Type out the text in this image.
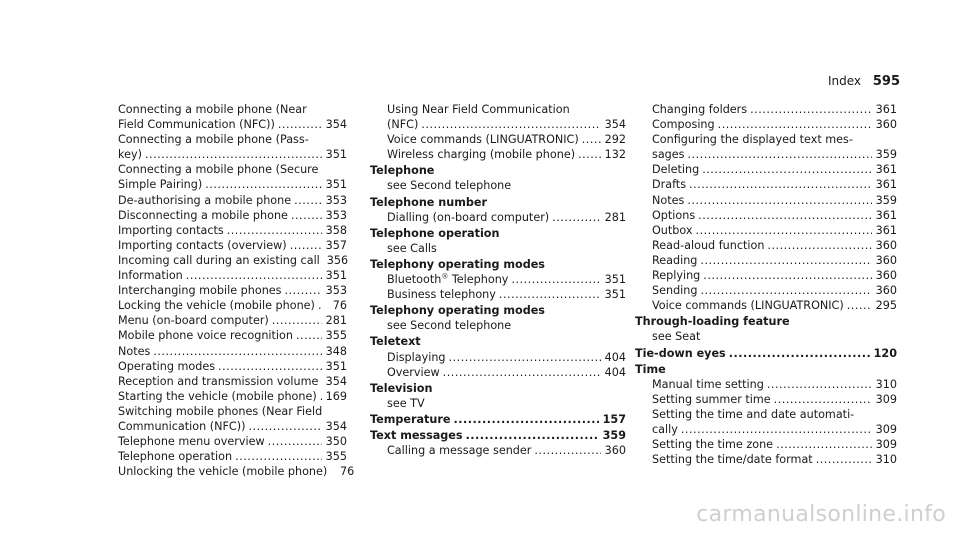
Index 595
Connecting a mobile phone (Near
Field Communication (NFC)) .....	354
Connecting a mobile phone (Pass-
key) .....	351
Connecting a mobile phone (Secure
Simple Pairing) .....	351
De-authorising a mobile phone .....	353
Disconnecting a mobile phone .....	353
Importing contacts .....	358
Importing contacts (overview) .....	357
Incoming call during an existing call 356
Information .....	351
Interchanging mobile phones .....	353
Locking the vehicle (mobile phone) .....	76
Menu (on-board computer) .....	281
Mobile phone voice recognition .....	355
Notes .....	348
Operating modes .....	351
Reception and transmission volume ..... 354
Starting the vehicle (mobile phone) ..... 169
Switching mobile phones (Near Field
Communication (NFC)) .....	354
Telephone menu overview .....	350
Telephone operation .....	355
Unlocking the vehicle (mobile phone)	76
Using Near Field Communication
(NFC) .....	354
Voice commands (LINGUATRONIC) ..... 292
Wireless charging (mobile phone) .....	132
Telephone
see Second telephone
Telephone number
Dialling (on-board computer) .....	281
Telephone operation
see Calls
Telephony operating modes
Bluetooth® Telephony .....	351
Business telephony .....	351
Telephony operating modes
see Second telephone
Teletext
Displaying .....	404
Overview .....	404
Television
see TV
Temperature .....	157
Text messages .....	359
Calling a message sender .....	360
Changing folders .....	361
Composing .....	360
Configuring the displayed text mes-
sages .....	359
Deleting .....	361
Drafts .....	361
Notes .....	359
Options .....	361
Outbox .....	361
Read-aloud function .....	360
Reading .....	360
Replying .....	360
Sending .....	360
Voice commands (LINGUATRONIC) .....	295
Through-loading feature
see Seat
Tie-down eyes .....	120
Time
Manual time setting .....	310
Setting summer time .....	309
Setting the time and date automati-
cally .....	309
Setting the time zone .....	309
Setting the time/date format .....	310
carmanualsonline.info
